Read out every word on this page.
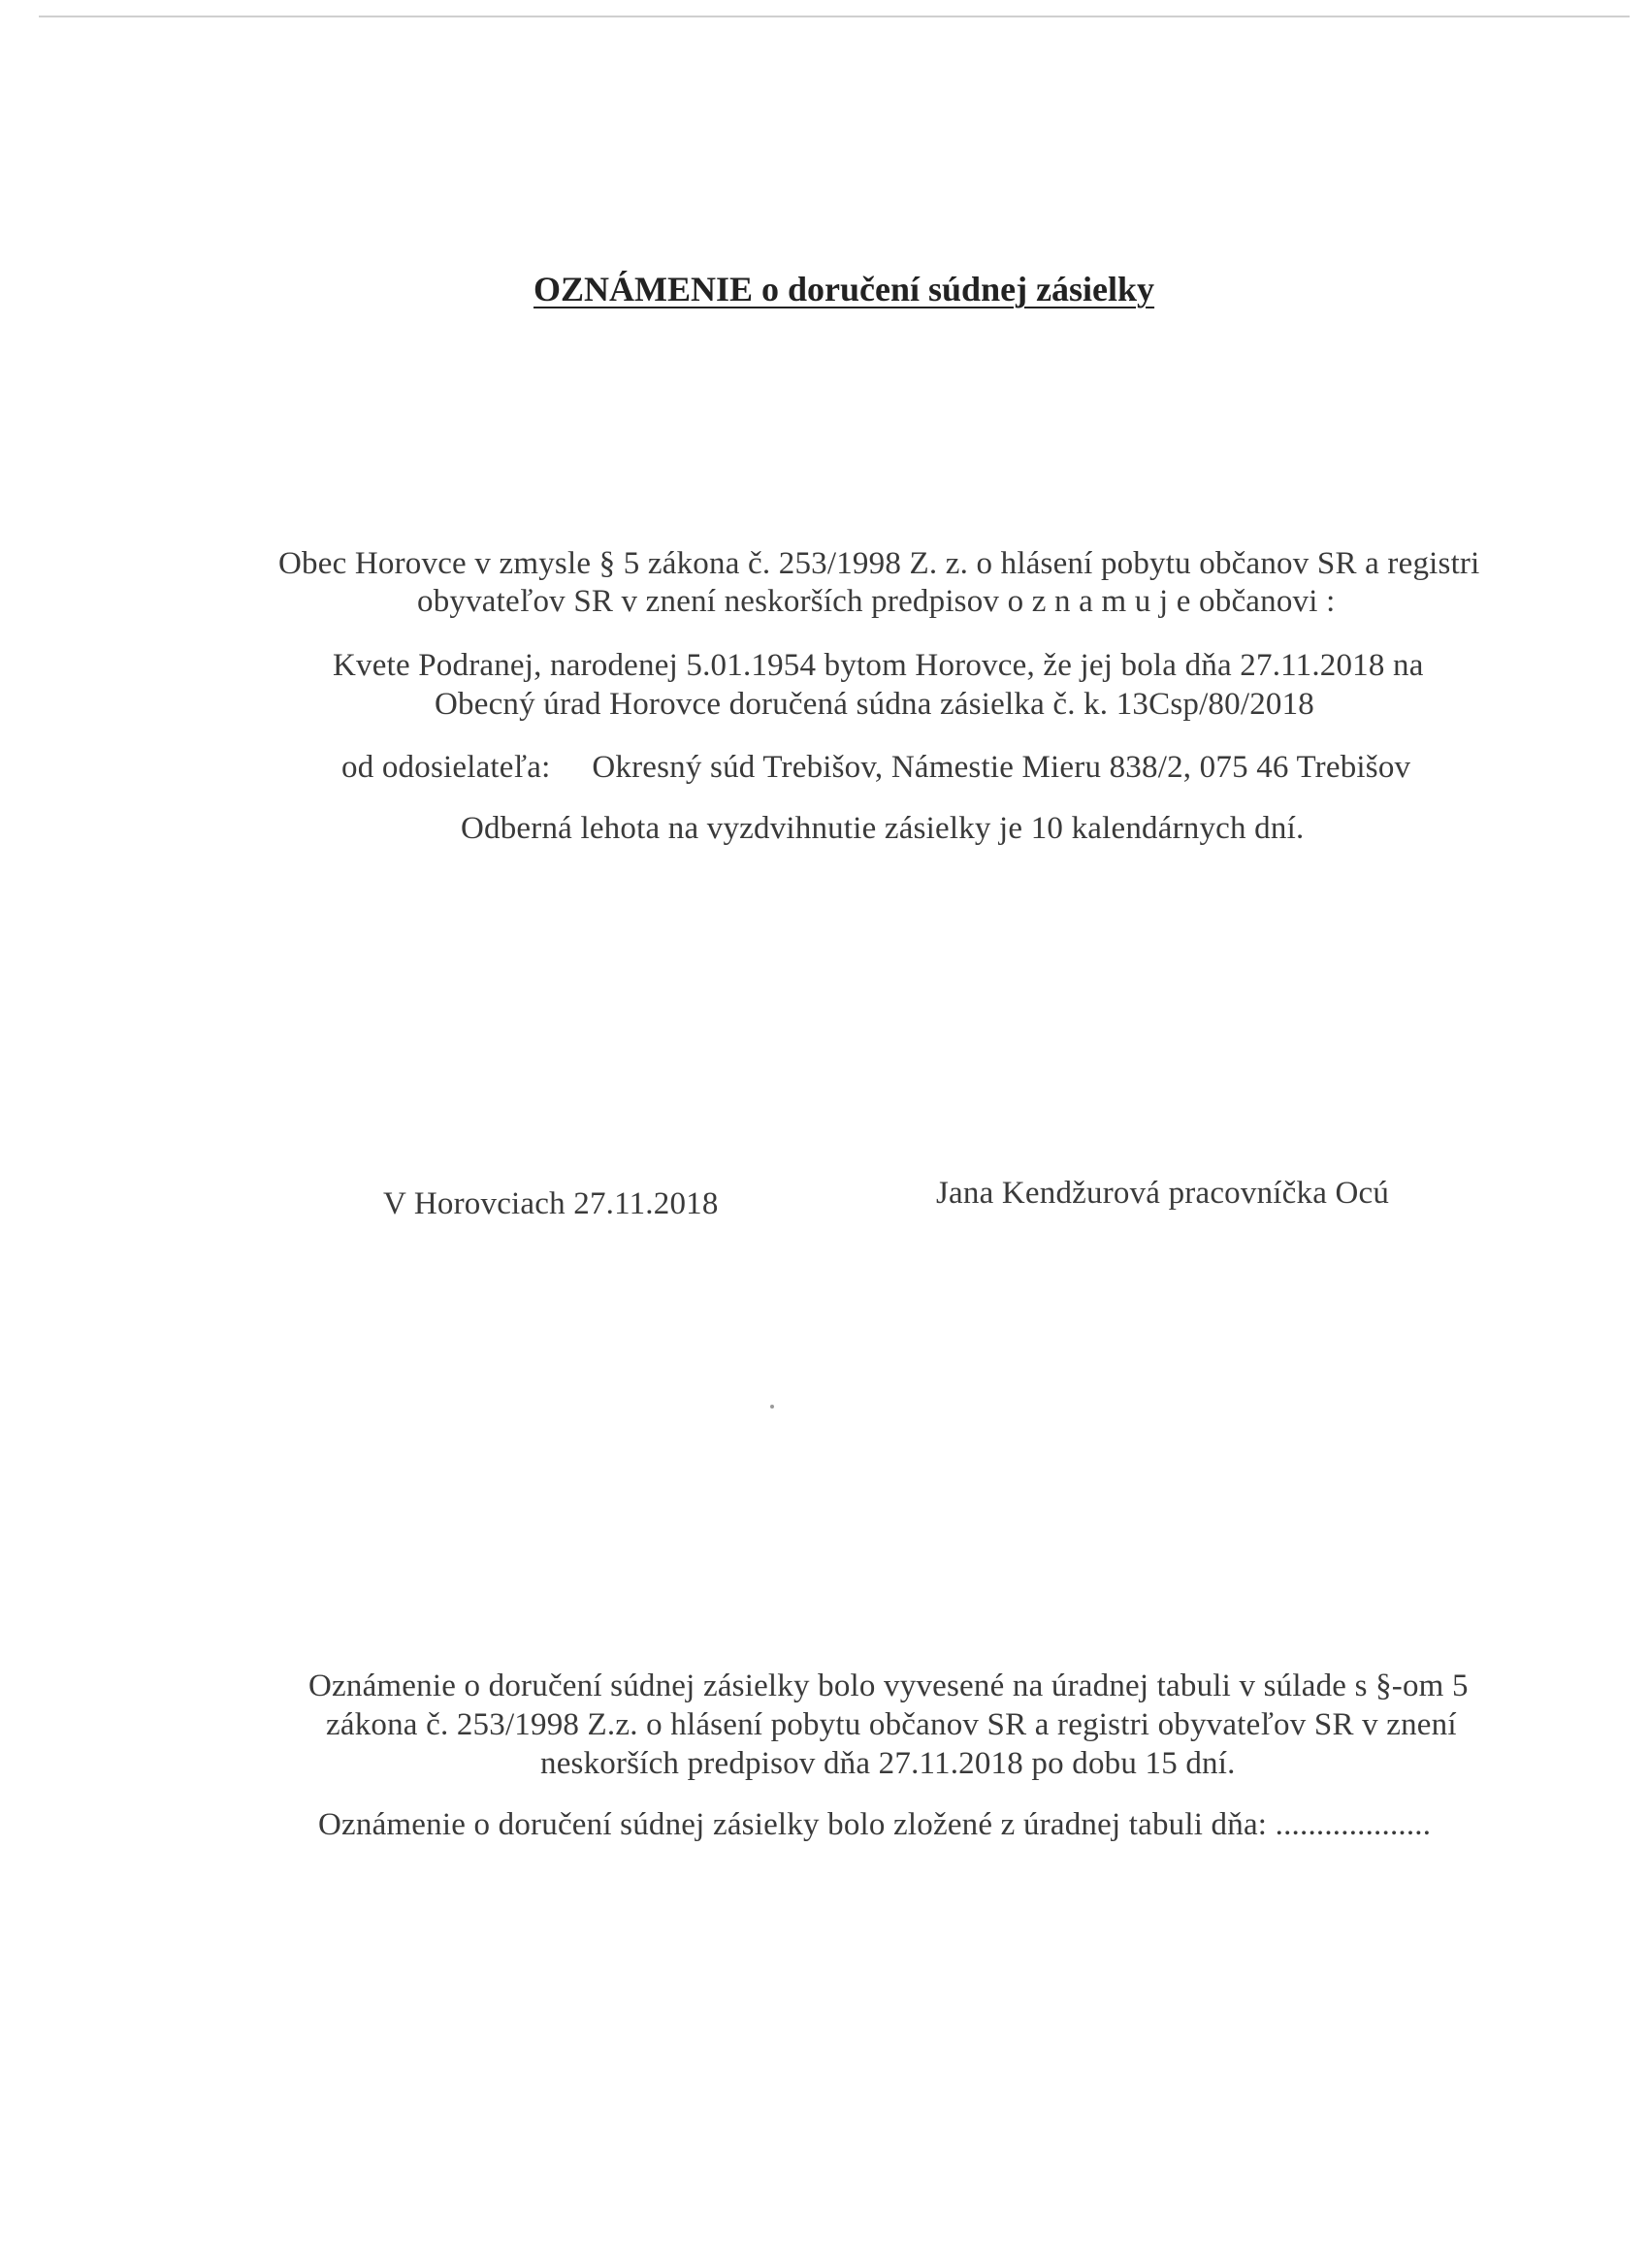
OZNÁMENIE o doručení súdnej zásielky
Obec Horovce v zmysle § 5 zákona č. 253/1998 Z. z. o hlásení pobytu občanov SR a registri
obyvateľov SR v znení neskorších predpisov o z n a m u j e občanovi :
Kvete Podranej, narodenej 5.01.1954 bytom Horovce, že jej bola dňa 27.11.2018 na
Obecný úrad Horovce doručená súdna zásielka č. k. 13Csp/80/2018
od odosielateľa: Okresný súd Trebišov, Námestie Mieru 838/2, 075 46 Trebišov
Odberná lehota na vyzdvihnutie zásielky je 10 kalendárnych dní.
V Horovciach 27.11.2018	Jana Kendžurová pracovníčka Ocú
Oznámenie o doručení súdnej zásielky bolo vyvesené na úradnej tabuli v súlade s §-om 5
zákona č. 253/1998 Z.z. o hlásení pobytu občanov SR a registri obyvateľov SR v znení
neskorších predpisov dňa 27.11.2018 po dobu 15 dní.
Oznámenie o doručení súdnej zásielky bolo zložené z úradnej tabuli dňa: ...................
